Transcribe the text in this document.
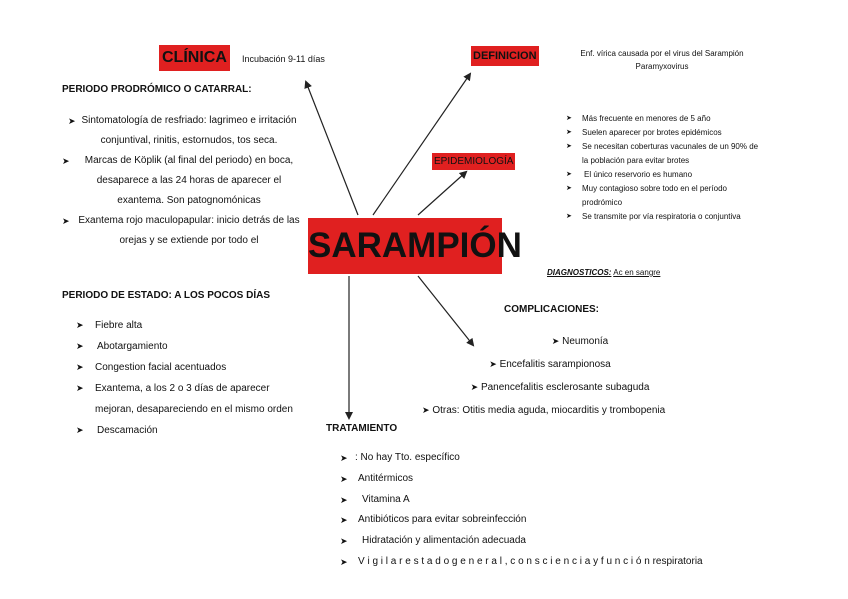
SARAMPIÓN
CLÍNICA	Incubación 9-11 días
PERIODO PRODRÓMICO O CATARRAL:
➤ Sintomatología de resfriado: lagrimeo e irritación conjuntival, rinitis, estornudos, tos seca.
➤ Marcas de Köplik (al final del periodo) en boca, desaparece a las 24 horas de aparecer el exantema. Son patognomónicas
➤ Exantema rojo maculopapular: inicio detrás de las orejas y se extiende por todo el
PERIODO DE ESTADO: A LOS POCOS DÍAS
➤ Fiebre alta
➤ Abotargamiento
➤ Congestion facial acentuados
➤ Exantema, a los 2 o 3 días de aparecer mejoran, desapareciendo en el mismo orden
➤ Descamación
DEFINICION	Enf. vírica causada por el virus del Sarampión
Paramyxovirus
EPIDEMIOLOGÍA
➤ Más frecuente en menores de 5 año
➤ Suelen aparecer por brotes epidémicos
➤ Se necesitan coberturas vacunales de un 90% de la población para evitar brotes
➤ El único reservorio es humano
➤ Muy contagioso sobre todo en el período prodrómico
➤ Se transmite por vía respiratoria o conjuntiva
DIAGNOSTICOS: Ac en sangre
COMPLICACIONES:
➤ Neumonía
➤ Encefalitis sarampionosa
➤ Panencefalitis esclerosante subaguda
➤ Otras: Otitis media aguda, miocarditis y trombopenia
TRATAMIENTO
➤ : No hay Tto. específico
➤ Antitérmicos
➤ Vitamina A
➤ Antibióticos para evitar sobreinfección
➤ Hidratación y alimentación adecuada
➤ V i g i l a r e s t a d o g e n e r a l , c o n s c i e n c i a y f u n c i ó n respiratoria
